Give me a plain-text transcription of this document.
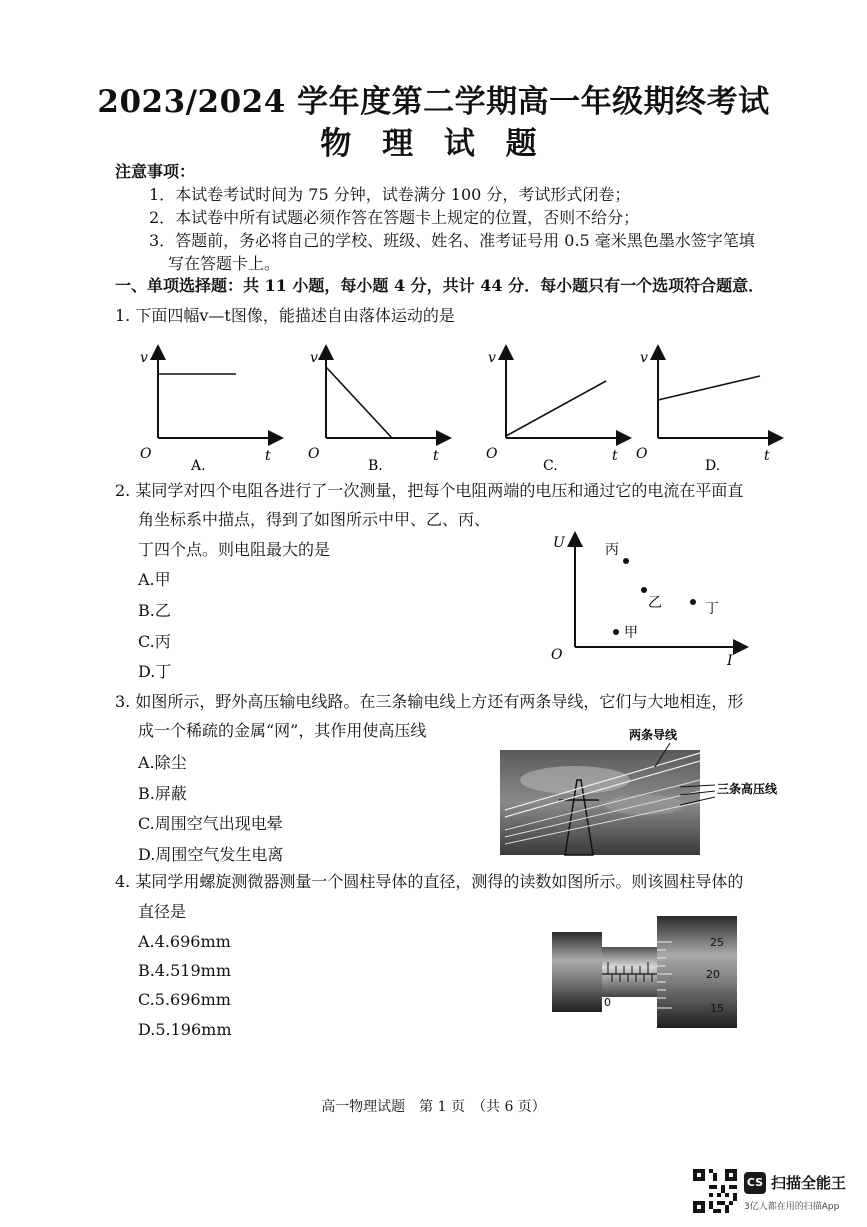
2023/2024 学年度第二学期高一年级期终考试
物 理 试 题
注意事项：
1．本试卷考试时间为 75 分钟，试卷满分 100 分，考试形式闭卷；
2．本试卷中所有试题必须作答在答题卡上规定的位置，否则不给分；
3．答题前，务必将自己的学校、班级、姓名、准考证号用 0.5 毫米黑色墨水签字笔填
写在答题卡上。
一、单项选择题：共 11 小题，每小题 4 分，共计 44 分．每小题只有一个选项符合题意．
1. 下面四幅v—t图像，能描述自由落体运动的是
v
O	t
A.
v
O	t
B.
v
O	t
C.
v
O	t
D.
2. 某同学对四个电阻各进行了一次测量，把每个电阻两端的电压和通过它的电流在平面直
角坐标系中描点，得到了如图所示中甲、乙、丙、
丁四个点。则电阻最大的是
A.甲
B.乙
C.丙
D.丁
U
O	I
丙
乙	丁
甲
3. 如图所示，野外高压输电线路。在三条输电线上方还有两条导线，它们与大地相连，形
成一个稀疏的金属“网”，其作用使高压线
A.除尘
B.屏蔽
C.周围空气出现电晕
D.周围空气发生电离
两条导线
三条高压线
4. 某同学用螺旋测微器测量一个圆柱导体的直径，测得的读数如图所示。则该圆柱导体的
直径是
A.4.696mm
B.4.519mm
C.5.696mm
D.5.196mm
0
25
20
15
高一物理试题　第 1 页　（共 6 页）
CS 扫描全能王
3亿人都在用的扫描App
